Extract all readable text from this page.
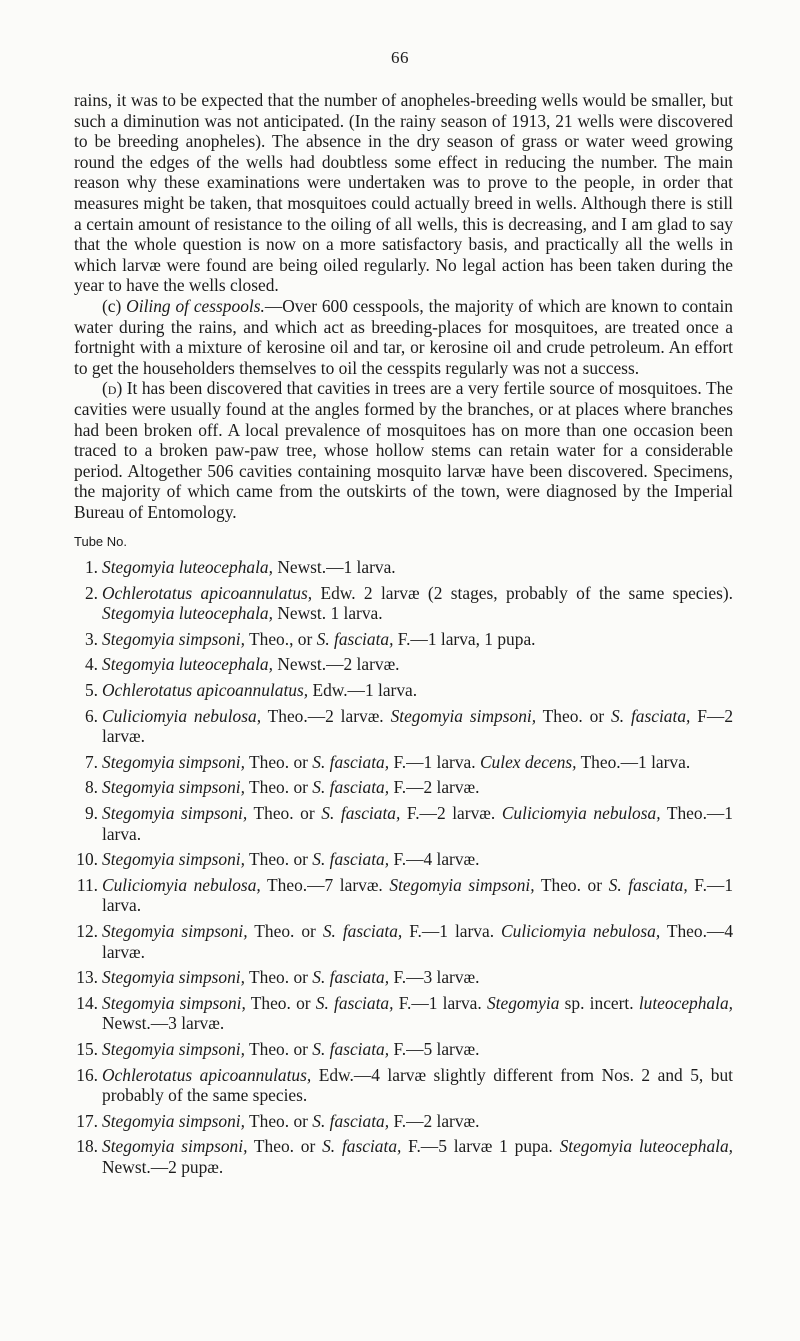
66

rains, it was to be expected that the number of anopheles-breeding wells would be smaller, but such a diminution was not anticipated. (In the rainy season of 1913, 21 wells were discovered to be breeding anopheles). The absence in the dry season of grass or water weed growing round the edges of the wells had doubtless some effect in reducing the number. The main reason why these examinations were undertaken was to prove to the people, in order that measures might be taken, that mosquitoes could actually breed in wells. Although there is still a certain amount of resistance to the oiling of all wells, this is decreasing, and I am glad to say that the whole question is now on a more satisfactory basis, and practically all the wells in which larvæ were found are being oiled regularly. No legal action has been taken during the year to have the wells closed.

(c) Oiling of cesspools.—Over 600 cesspools, the majority of which are known to contain water during the rains, and which act as breeding-places for mosquitoes, are treated once a fortnight with a mixture of kerosine oil and tar, or kerosine oil and crude petroleum. An effort to get the householders themselves to oil the cesspits regularly was not a success.

(d) It has been discovered that cavities in trees are a very fertile source of mosquitoes. The cavities were usually found at the angles formed by the branches, or at places where branches had been broken off. A local prevalence of mosquitoes has on more than one occasion been traced to a broken paw-paw tree, whose hollow stems can retain water for a considerable period. Altogether 506 cavities containing mosquito larvæ have been discovered. Specimens, the majority of which came from the outskirts of the town, were diagnosed by the Imperial Bureau of Entomology.

Tube No.
1. Stegomyia luteocephala, Newst.—1 larva.
2. Ochlerotatus apicoannulatus, Edw. 2 larvæ (2 stages, probably of the same species). Stegomyia luteocephala, Newst. 1 larva.
3. Stegomyia simpsoni, Theo., or S. fasciata, F.—1 larva, 1 pupa.
4. Stegomyia luteocephala, Newst.—2 larvæ.
5. Ochlerotatus apicoannulatus, Edw.—1 larva.
6. Culiciomyia nebulosa, Theo.—2 larvæ. Stegomyia simpsoni, Theo. or S. fasciata, F—2 larvæ.
7. Stegomyia simpsoni, Theo. or S. fasciata, F.—1 larva. Culex decens, Theo.—1 larva.
8. Stegomyia simpsoni, Theo. or S. fasciata, F.—2 larvæ.
9. Stegomyia simpsoni, Theo. or S. fasciata, F.—2 larvæ. Culiciomyia nebulosa, Theo.—1 larva.
10. Stegomyia simpsoni, Theo. or S. fasciata, F.—4 larvæ.
11. Culiciomyia nebulosa, Theo.—7 larvæ. Stegomyia simpsoni, Theo. or S. fasciata, F.—1 larva.
12. Stegomyia simpsoni, Theo. or S. fasciata, F.—1 larva. Culiciomyia nebulosa, Theo.—4 larvæ.
13. Stegomyia simpsoni, Theo. or S. fasciata, F.—3 larvæ.
14. Stegomyia simpsoni, Theo. or S. fasciata, F.—1 larva. Stegomyia sp. incert. luteocephala, Newst.—3 larvæ.
15. Stegomyia simpsoni, Theo. or S. fasciata, F.—5 larvæ.
16. Ochlerotatus apicoannulatus, Edw.—4 larvæ slightly different from Nos. 2 and 5, but probably of the same species.
17. Stegomyia simpsoni, Theo. or S. fasciata, F.—2 larvæ.
18. Stegomyia simpsoni, Theo. or S. fasciata, F.—5 larvæ 1 pupa. Stegomyia luteocephala, Newst.—2 pupæ.
